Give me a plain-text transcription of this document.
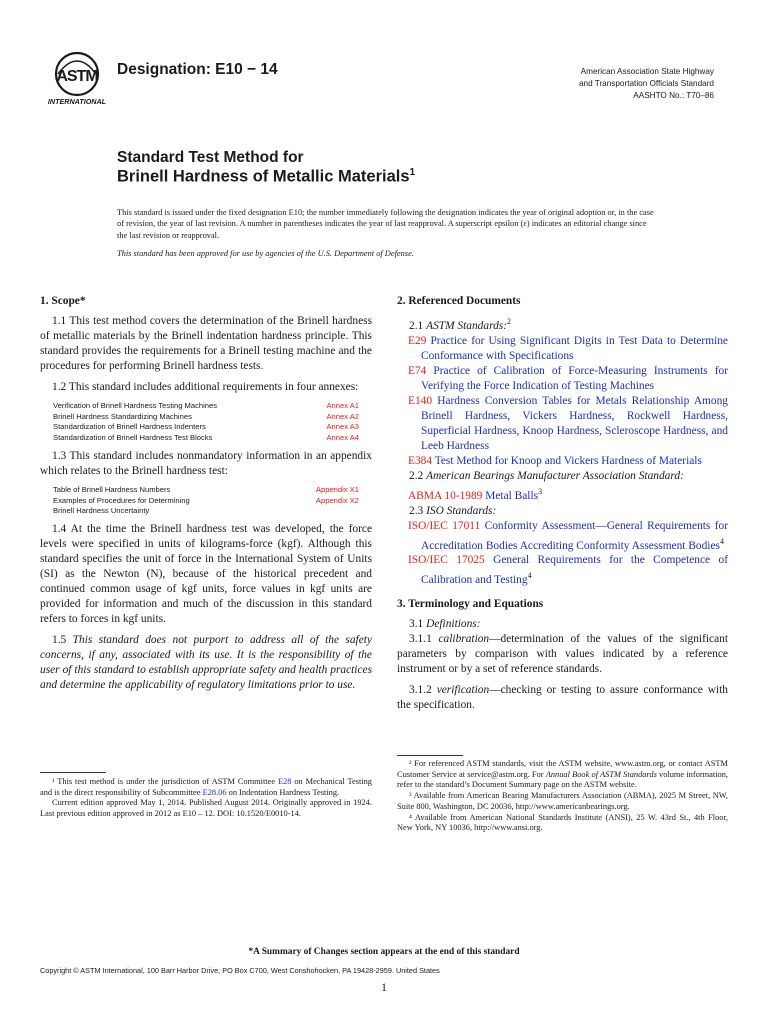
ASTM
INTERNATIONAL
Designation: E10 − 14	American Association State Highway
and Transportation Officials Standard
AASHTO No.: T70–86
Standard Test Method for
Brinell Hardness of Metallic Materials$^1$
This standard is issued under the fixed designation E10; the number immediately following the designation indicates the year of original adoption or, in the case of revision, the year of last revision. A number in parentheses indicates the year of last reapproval. A superscript epsilon (ε) indicates an editorial change since the last revision or reapproval.
This standard has been approved for use by agencies of the U.S. Department of Defense.
1. Scope*

1.1 This test method covers the determination of the Brinell hardness of metallic materials by the Brinell indentation hardness principle. This standard provides the requirements for a Brinell testing machine and the procedures for performing Brinell hardness tests.

1.2 This standard includes additional requirements in four annexes:

Verification of Brinell Hardness Testing Machines	Annex A1
Brinell Hardness Standardizing Machines	Annex A2
Standardization of Brinell Hardness Indenters	Annex A3
Standardization of Brinell Hardness Test Blocks	Annex A4

1.3 This standard includes nonmandatory information in an appendix which relates to the Brinell hardness test:

Table of Brinell Hardness Numbers	Appendix X1
Examples of Procedures for Determining	Appendix X2
Brinell Hardness Uncertainty	

1.4 At the time the Brinell hardness test was developed, the force levels were specified in units of kilograms-force (kgf). Although this standard specifies the unit of force in the International System of Units (SI) as the Newton (N), because of the historical precedent and continued common usage of kgf units, force values in kgf units are provided for information and much of the discussion in this standard refers to forces in kgf units.

1.5 This standard does not purport to address all of the safety concerns, if any, associated with its use. It is the responsibility of the user of this standard to establish appropriate safety and health practices and determine the applicability of regulatory limitations prior to use.

¹ This test method is under the jurisdiction of ASTM Committee E28 on Mechanical Testing and is the direct responsibility of Subcommittee E28.06 on Indentation Hardness Testing.

Current edition approved May 1, 2014. Published August 2014. Originally approved in 1924. Last previous edition approved in 2012 as E10 – 12. DOI: 10.1520/E0010-14.

2. Referenced Documents

2.1 ASTM Standards:$^2$

E29 Practice for Using Significant Digits in Test Data to Determine Conformance with Specifications
E74 Practice of Calibration of Force-Measuring Instruments for Verifying the Force Indication of Testing Machines
E140 Hardness Conversion Tables for Metals Relationship Among Brinell Hardness, Vickers Hardness, Rockwell Hardness, Superficial Hardness, Knoop Hardness, Scleroscope Hardness, and Leeb Hardness
E384 Test Method for Knoop and Vickers Hardness of Materials

2.2 American Bearings Manufacturer Association Standard:

ABMA 10-1989 Metal Balls$^3$

2.3 ISO Standards:

ISO/IEC 17011 Conformity Assessment—General Requirements for Accreditation Bodies Accrediting Conformity Assessment Bodies$^4$
ISO/IEC 17025 General Requirements for the Competence of Calibration and Testing$^4$
3. Terminology and Equations

3.1 Definitions:

3.1.1 calibration—determination of the values of the significant parameters by comparison with values indicated by a reference instrument or by a set of reference standards.

3.1.2 verification—checking or testing to assure conformance with the specification.

² For referenced ASTM standards, visit the ASTM website, www.astm.org, or contact ASTM Customer Service at service@astm.org. For Annual Book of ASTM Standards volume information, refer to the standard’s Document Summary page on the ASTM website.

³ Available from American Bearing Manufacturers Association (ABMA), 2025 M Street, NW, Suite 800, Washington, DC 20036, http://www.americanbearings.org.

⁴ Available from American National Standards Institute (ANSI), 25 W. 43rd St., 4th Floor, New York, NY 10036, http://www.ansi.org.

*A Summary of Changes section appears at the end of this standard
Copyright © ASTM International, 100 Barr Harbor Drive, PO Box C700, West Conshohocken, PA 19428-2959. United States
1
